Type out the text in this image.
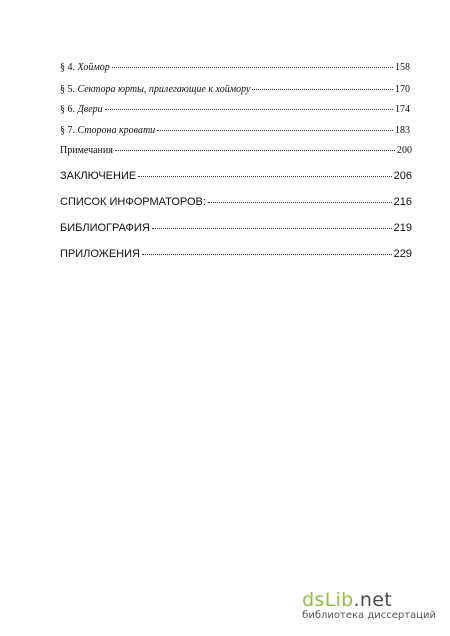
§ 4. Хоймор	158
§ 5. Сектора юрты, прилегающие к хоймору	170
§ 6. Двери	174
§ 7. Сторона кровати	183
Примечания	200
ЗАКЛЮЧЕНИЕ	206
СПИСОК ИНФОРМАТОРОВ:	216
БИБЛИОГРАФИЯ	219
ПРИЛОЖЕНИЯ	229
dsLib.net
библиотека диссертаций
